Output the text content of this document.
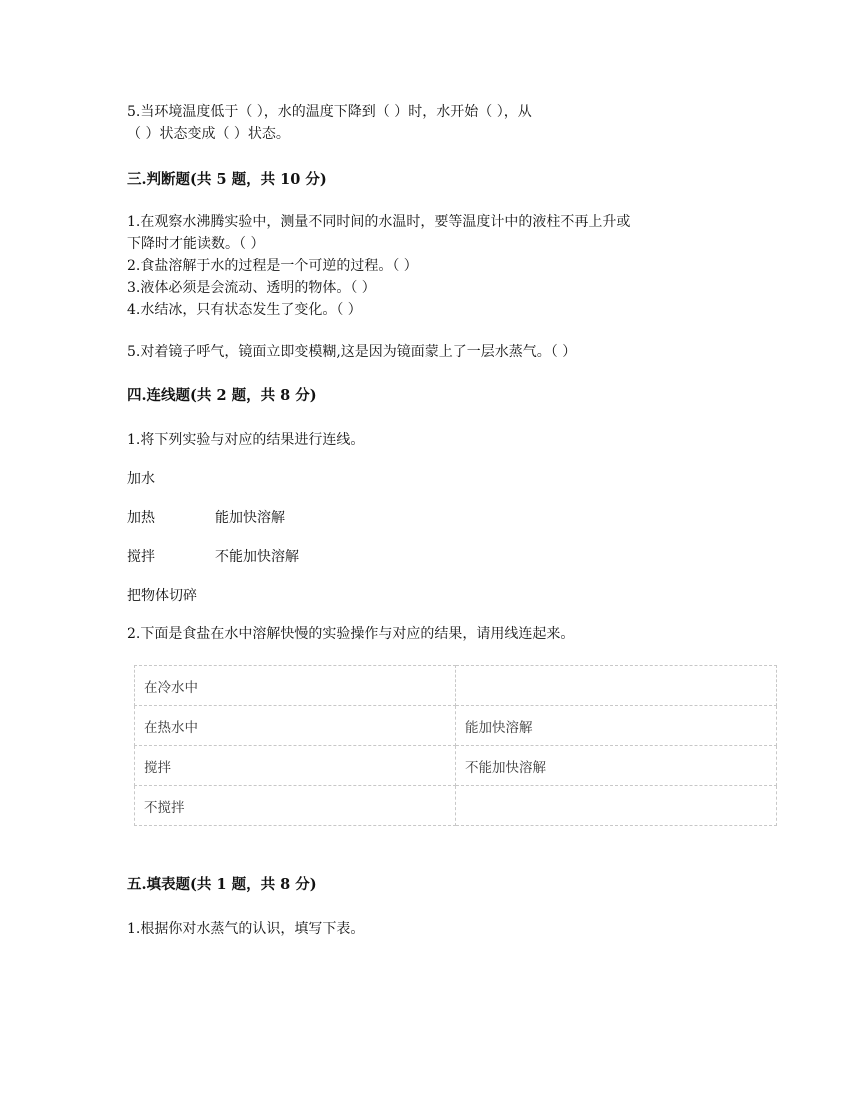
5.当环境温度低于（ ），水的温度下降到（ ）时，水开始（ ），从
（ ）状态变成（ ）状态。
三.判断题(共 5 题，共 10 分)
1.在观察水沸腾实验中，测量不同时间的水温时，要等温度计中的液柱不再上升或
下降时才能读数。（ ）
2.食盐溶解于水的过程是一个可逆的过程。（ ）
3.液体必须是会流动、透明的物体。（ ）
4.水结冰，只有状态发生了变化。（ ）
5.对着镜子呼气，镜面立即变模糊,这是因为镜面蒙上了一层水蒸气。（ ）
四.连线题(共 2 题，共 8 分)
1.将下列实验与对应的结果进行连线。
加水
加热	能加快溶解
搅拌	不能加快溶解
把物体切碎
2.下面是食盐在水中溶解快慢的实验操作与对应的结果，请用线连起来。
在冷水中	
在热水中	能加快溶解
搅拌	不能加快溶解
不搅拌	
五.填表题(共 1 题，共 8 分)
1.根据你对水蒸气的认识，填写下表。
